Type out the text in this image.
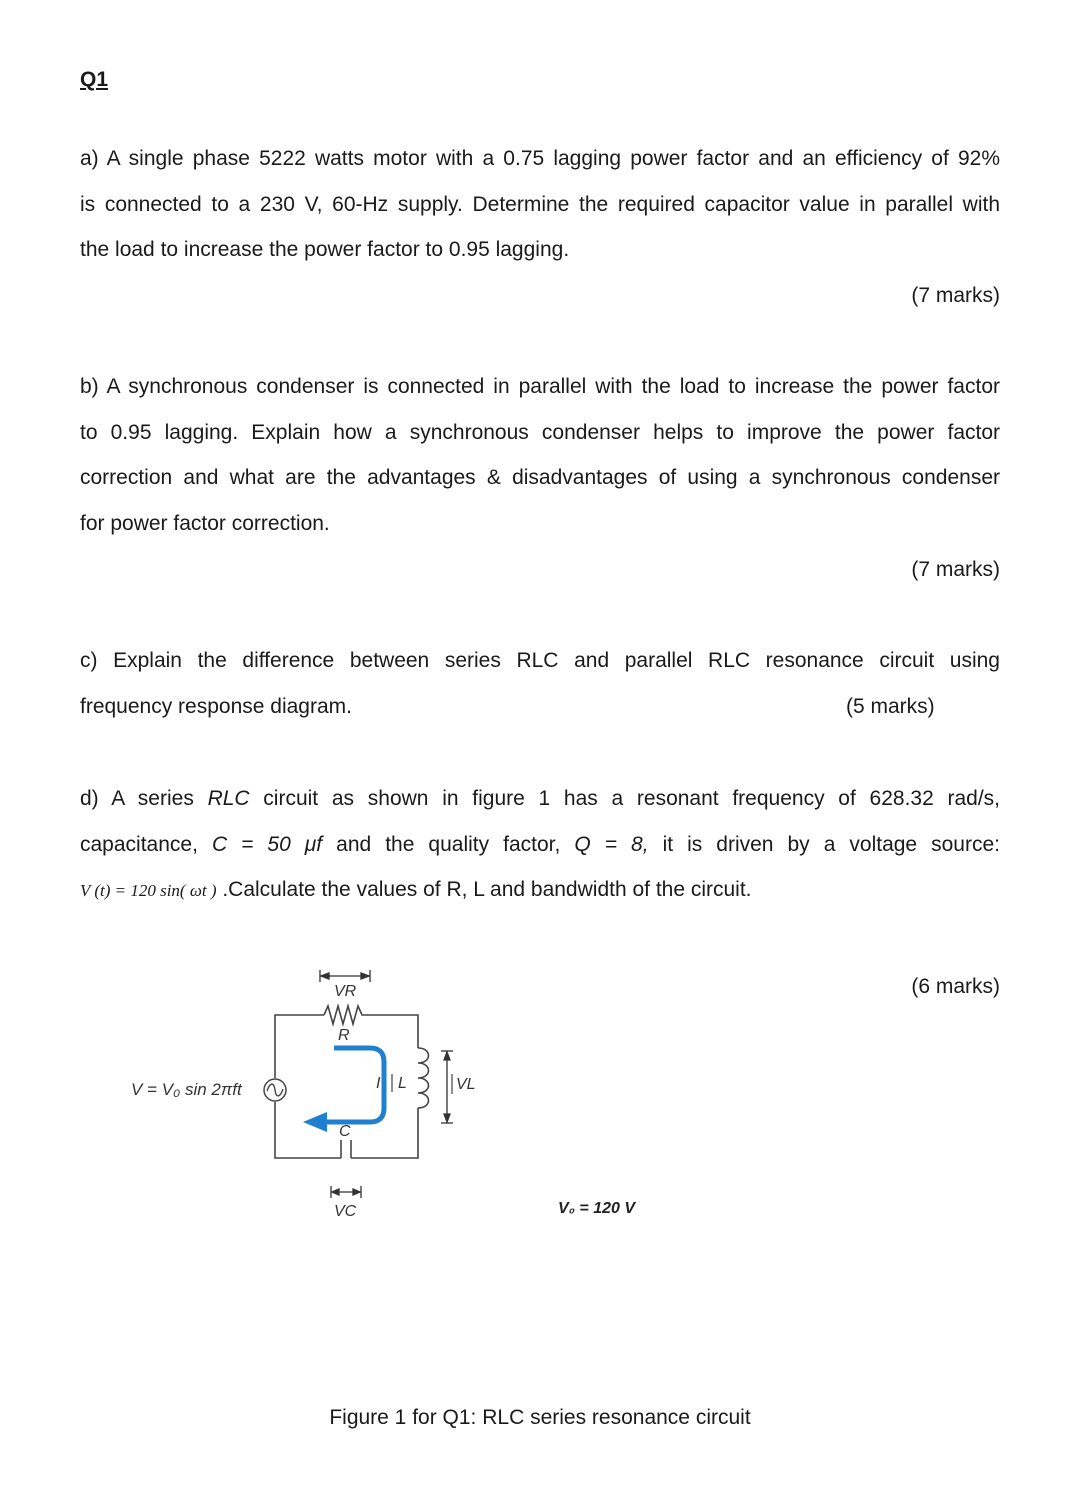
Q1
a) A single phase 5222 watts motor with a 0.75 lagging power factor and an efficiency of 92%
is connected to a 230 V, 60-Hz supply. Determine the required capacitor value in parallel with
the load to increase the power factor to 0.95 lagging.
(7 marks)
b) A synchronous condenser is connected in parallel with the load to increase the power factor
to 0.95 lagging. Explain how a synchronous condenser helps to improve the power factor
correction and what are the advantages & disadvantages of using a synchronous condenser
for power factor correction.
(7 marks)
c) Explain the difference between series RLC and parallel RLC resonance circuit using
frequency response diagram.	(5 marks)
d) A series RLC circuit as shown in figure 1 has a resonant frequency of 628.32 rad/s,
capacitance, C = 50 μf and the quality factor, Q = 8, it is driven by a voltage source:
V (t) = 120 sin( ωt ) .Calculate the values of R, L and bandwidth of the circuit.
(6 marks)
VR
R
V = V₀ sin 2πft	I L	VL
C
VC	V₀ = 120 V
Figure 1 for Q1: RLC series resonance circuit
